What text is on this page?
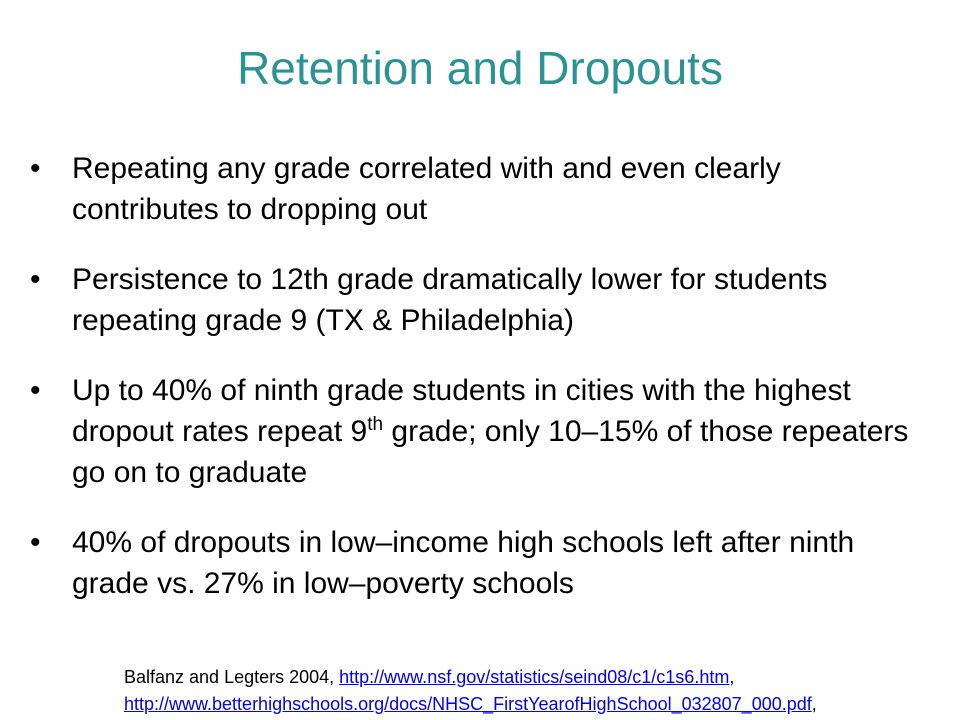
Retention and Dropouts
• Repeating any grade correlated with and even clearly contributes to dropping out
• Persistence to 12th grade dramatically lower for students repeating grade 9 (TX & Philadelphia)
• Up to 40% of ninth grade students in cities with the highest dropout rates repeat 9th grade; only 10–15% of those repeaters go on to graduate
• 40% of dropouts in low–income high schools left after ninth grade vs. 27% in low–poverty schools
Balfanz and Legters 2004, http://www.nsf.gov/statistics/seind08/c1/c1s6.htm,
http://www.betterhighschools.org/docs/NHSC_FirstYearofHighSchool_032807_000.pdf,
